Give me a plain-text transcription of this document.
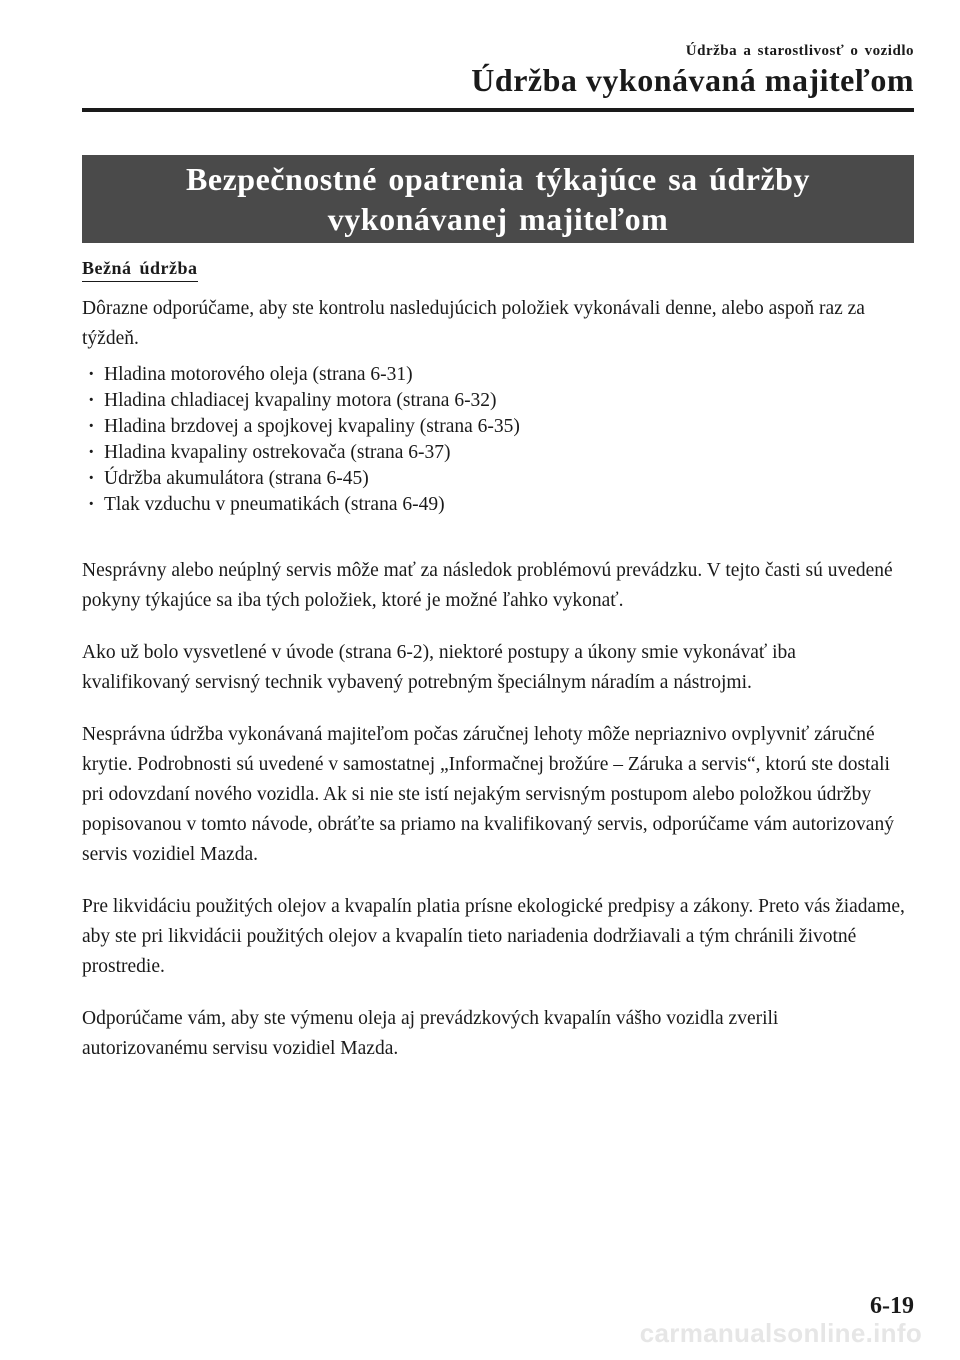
Údržba a starostlivosť o vozidlo
Údržba vykonávaná majiteľom
Bezpečnostné opatrenia týkajúce sa údržby vykonávanej majiteľom
Bežná údržba

Dôrazne odporúčame, aby ste kontrolu nasledujúcich položiek vykonávali denne, alebo aspoň raz za týždeň.

· Hladina motorového oleja (strana 6-31)
· Hladina chladiacej kvapaliny motora (strana 6-32)
· Hladina brzdovej a spojkovej kvapaliny (strana 6-35)
· Hladina kvapaliny ostrekovača (strana 6-37)
· Údržba akumulátora (strana 6-45)
· Tlak vzduchu v pneumatikách (strana 6-49)

Nesprávny alebo neúplný servis môže mať za následok problémovú prevádzku. V tejto časti sú uvedené pokyny týkajúce sa iba tých položiek, ktoré je možné ľahko vykonať.

Ako už bolo vysvetlené v úvode (strana 6-2), niektoré postupy a úkony smie vykonávať iba kvalifikovaný servisný technik vybavený potrebným špeciálnym náradím a nástrojmi.

Nesprávna údržba vykonávaná majiteľom počas záručnej lehoty môže nepriaznivo ovplyvniť záručné krytie. Podrobnosti sú uvedené v samostatnej „Informačnej brožúre – Záruka a servis“, ktorú ste dostali pri odovzdaní nového vozidla. Ak si nie ste istí nejakým servisným postupom alebo položkou údržby popisovanou v tomto návode, obráťte sa priamo na kvalifikovaný servis, odporúčame vám autorizovaný servis vozidiel Mazda.

Pre likvidáciu použitých olejov a kvapalín platia prísne ekologické predpisy a zákony. Preto vás žiadame, aby ste pri likvidácii použitých olejov a kvapalín tieto nariadenia dodržiavali a tým chránili životné prostredie.

Odporúčame vám, aby ste výmenu oleja aj prevádzkových kvapalín vášho vozidla zverili autorizovanému servisu vozidiel Mazda.

6-19
carmanualsonline.info
